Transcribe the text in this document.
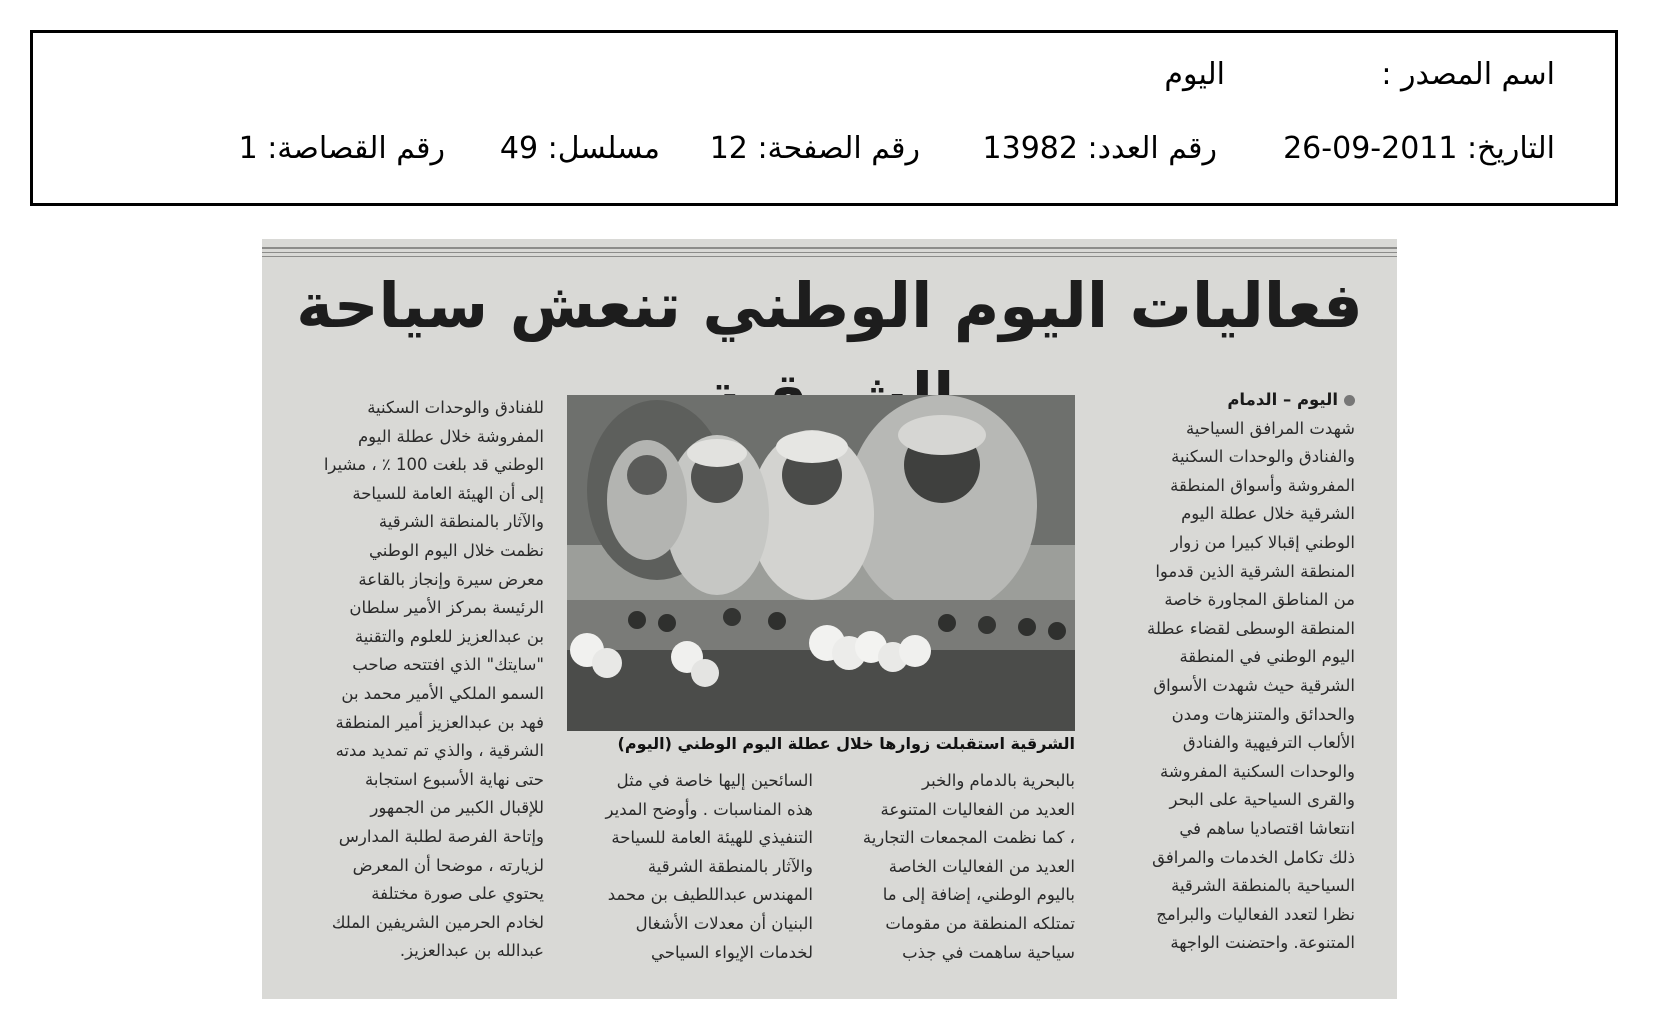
اسم المصدر :
اليوم
التاريخ: 2011-09-26
رقم العدد: 13982
رقم الصفحة: 12
مسلسل: 49
رقم القصاصة: 1
فعاليات اليوم الوطني تنعش سياحة
اليوم – الدمام
شهدت المرافق السياحية
والفنادق والوحدات السكنية
المفروشة وأسواق المنطقة
الشرقية خلال عطلة اليوم
الوطني إقبالا كبيرا من زوار
المنطقة الشرقية الذين قدموا
من المناطق المجاورة خاصة
المنطقة الوسطى لقضاء عطلة
اليوم الوطني في المنطقة
الشرقية حيث شهدت الأسواق
والحدائق والمتنزهات ومدن
الألعاب الترفيهية والفنادق
والوحدات السكنية المفروشة
والقرى السياحية على البحر
انتعاشا اقتصاديا ساهم في
ذلك تكامل الخدمات والمرافق
السياحية بالمنطقة الشرقية
نظرا لتعدد الفعاليات والبرامج
المتنوعة. واحتضنت الواجهة
الشرقية استقبلت زوارها خلال عطلة اليوم الوطني (اليوم)
بالبحرية بالدمام والخبر
العديد من الفعاليات المتنوعة
، كما نظمت المجمعات التجارية
العديد من الفعاليات الخاصة
باليوم الوطني، إضافة إلى ما
تمتلكه المنطقة من مقومات
سياحية ساهمت في جذب
السائحين إليها خاصة في مثل
هذه المناسبات . وأوضح المدير
التنفيذي للهيئة العامة للسياحة
والآثار بالمنطقة الشرقية
المهندس عبداللطيف بن محمد
البنيان أن معدلات الأشغال
لخدمات الإيواء السياحي
للفنادق والوحدات السكنية
المفروشة خلال عطلة اليوم
الوطني قد بلغت 100 ٪ ، مشيرا
إلى أن الهيئة العامة للسياحة
والآثار بالمنطقة الشرقية
نظمت خلال اليوم الوطني
معرض سيرة وإنجاز بالقاعة
الرئيسة بمركز الأمير سلطان
بن عبدالعزيز للعلوم والتقنية
"سايتك" الذي افتتحه صاحب
السمو الملكي الأمير محمد بن
فهد بن عبدالعزيز أمير المنطقة
الشرقية ، والذي تم تمديد مدته
حتى نهاية الأسبوع استجابة
للإقبال الكبير من الجمهور
وإتاحة الفرصة لطلبة المدارس
لزيارته ، موضحا أن المعرض
يحتوي على صورة مختلفة
لخادم الحرمين الشريفين الملك
عبدالله بن عبدالعزيز.
